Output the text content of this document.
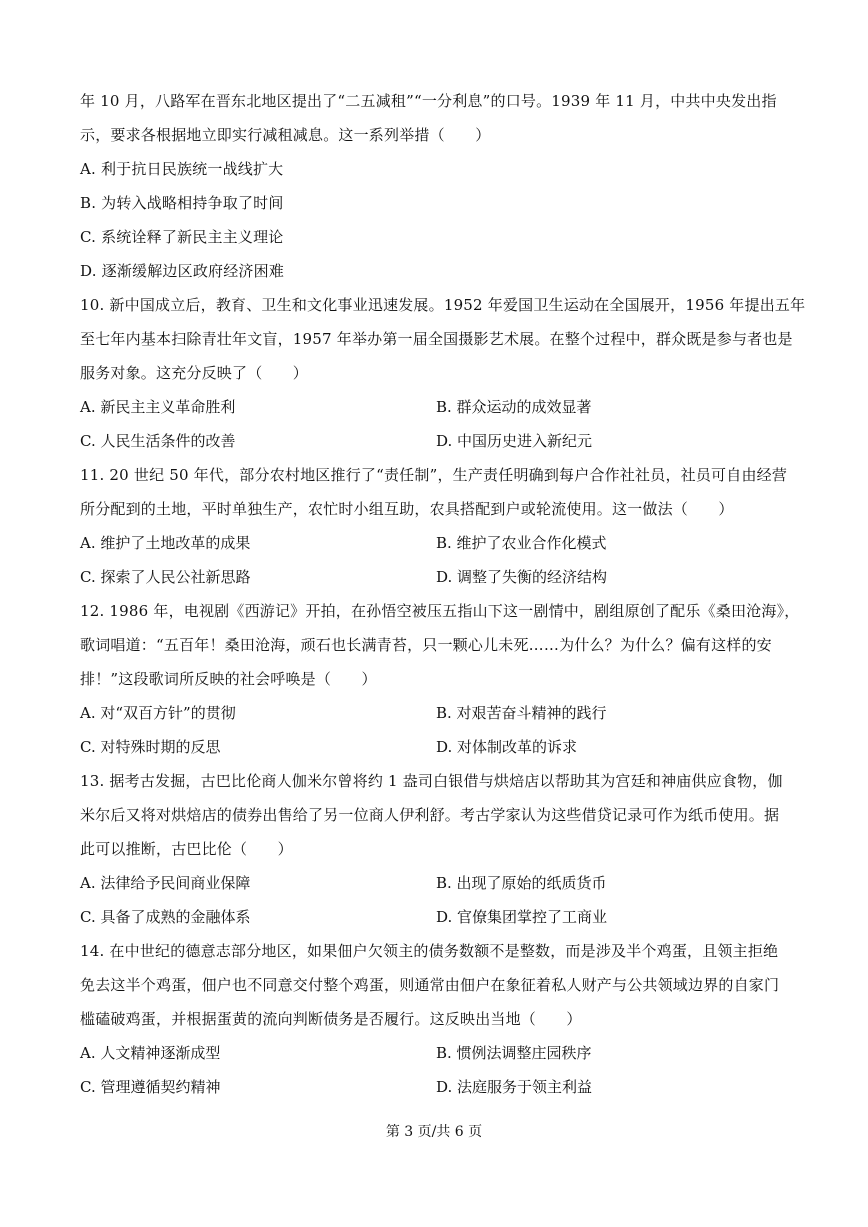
年 10 月，八路军在晋东北地区提出了“二五减租”“一分利息”的口号。1939 年 11 月，中共中央发出指
示，要求各根据地立即实行减租减息。这一系列举措（　　）
A. 利于抗日民族统一战线扩大
B. 为转入战略相持争取了时间
C. 系统诠释了新民主主义理论
D. 逐渐缓解边区政府经济困难
10. 新中国成立后，教育、卫生和文化事业迅速发展。1952 年爱国卫生运动在全国展开，1956 年提出五年
至七年内基本扫除青壮年文盲，1957 年举办第一届全国摄影艺术展。在整个过程中，群众既是参与者也是
服务对象。这充分反映了（　　）
A. 新民主主义革命胜利	B. 群众运动的成效显著
C. 人民生活条件的改善	D. 中国历史进入新纪元
11. 20 世纪 50 年代，部分农村地区推行了“责任制”，生产责任明确到每户合作社社员，社员可自由经营
所分配到的土地，平时单独生产，农忙时小组互助，农具搭配到户或轮流使用。这一做法（　　）
A. 维护了土地改革的成果	B. 维护了农业合作化模式
C. 探索了人民公社新思路	D. 调整了失衡的经济结构
12. 1986 年，电视剧《西游记》开拍，在孙悟空被压五指山下这一剧情中，剧组原创了配乐《桑田沧海》，
歌词唱道：“五百年！桑田沧海，顽石也长满青苔，只一颗心儿未死……为什么？为什么？偏有这样的安
排！”这段歌词所反映的社会呼唤是（　　）
A. 对“双百方针”的贯彻	B. 对艰苦奋斗精神的践行
C. 对特殊时期的反思	D. 对体制改革的诉求
13. 据考古发掘，古巴比伦商人伽米尔曾将约 1 盎司白银借与烘焙店以帮助其为宫廷和神庙供应食物，伽
米尔后又将对烘焙店的债券出售给了另一位商人伊利舒。考古学家认为这些借贷记录可作为纸币使用。据
此可以推断，古巴比伦（　　）
A. 法律给予民间商业保障	B. 出现了原始的纸质货币
C. 具备了成熟的金融体系	D. 官僚集团掌控了工商业
14. 在中世纪的德意志部分地区，如果佃户欠领主的债务数额不是整数，而是涉及半个鸡蛋，且领主拒绝
免去这半个鸡蛋，佃户也不同意交付整个鸡蛋，则通常由佃户在象征着私人财产与公共领域边界的自家门
槛磕破鸡蛋，并根据蛋黄的流向判断债务是否履行。这反映出当地（　　）
A. 人文精神逐渐成型	B. 惯例法调整庄园秩序
C. 管理遵循契约精神	D. 法庭服务于领主利益
第 3 页/共 6 页
